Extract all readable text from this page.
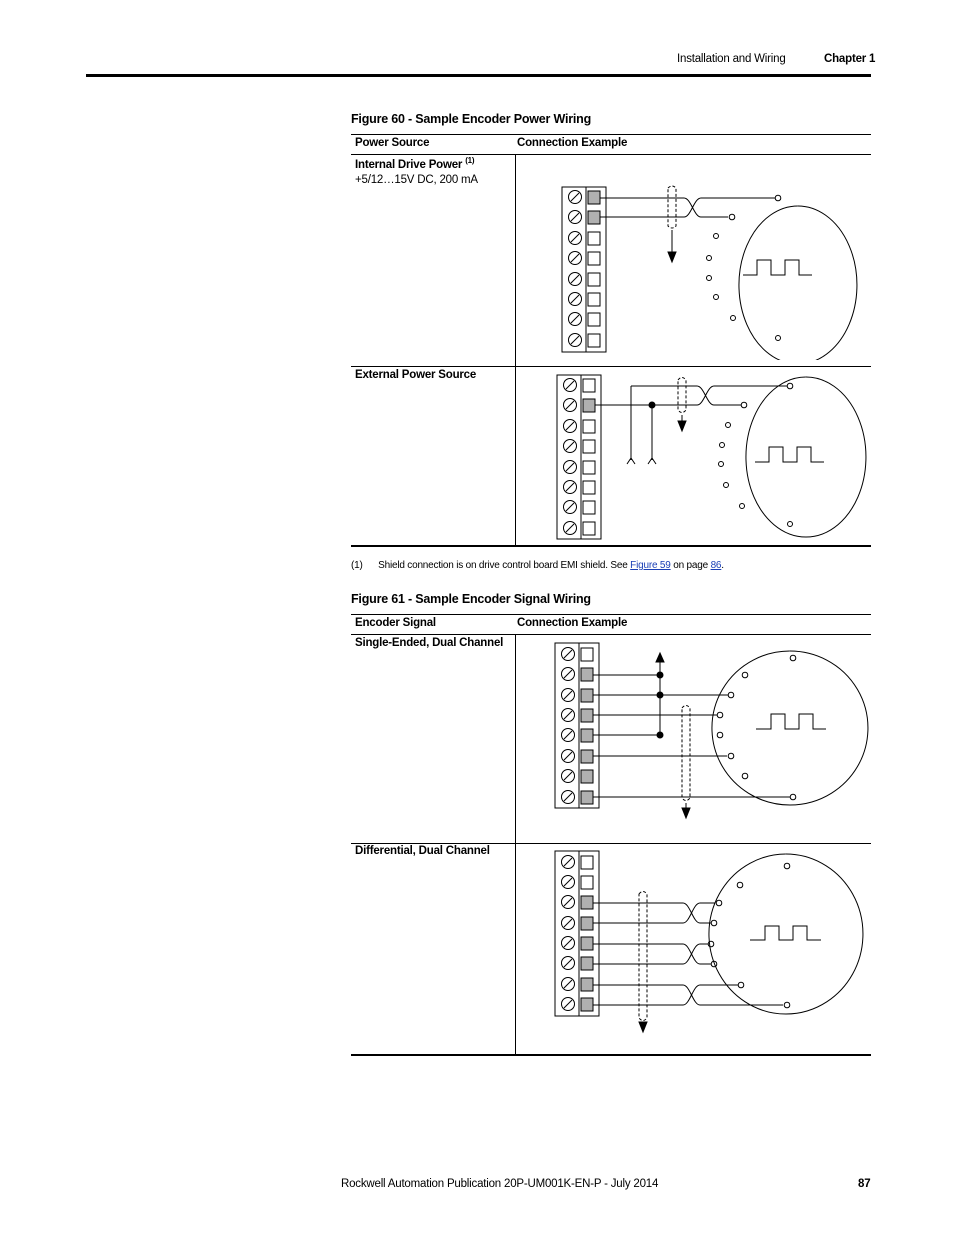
Installation and Wiring	Chapter 1
Figure 60 - Sample Encoder Power Wiring
Power Source	Connection Example
Internal Drive Power $^{(1)}$
+5/12…15V DC, 200 mA
External Power Source
(1) Shield connection is on drive control board EMI shield. See Figure 59 on page 86.
Figure 61 - Sample Encoder Signal Wiring
Encoder Signal	Connection Example
Single-Ended, Dual Channel
Differential, Dual Channel
Rockwell Automation Publication 20P-UM001K-EN-P - July 2014	87
